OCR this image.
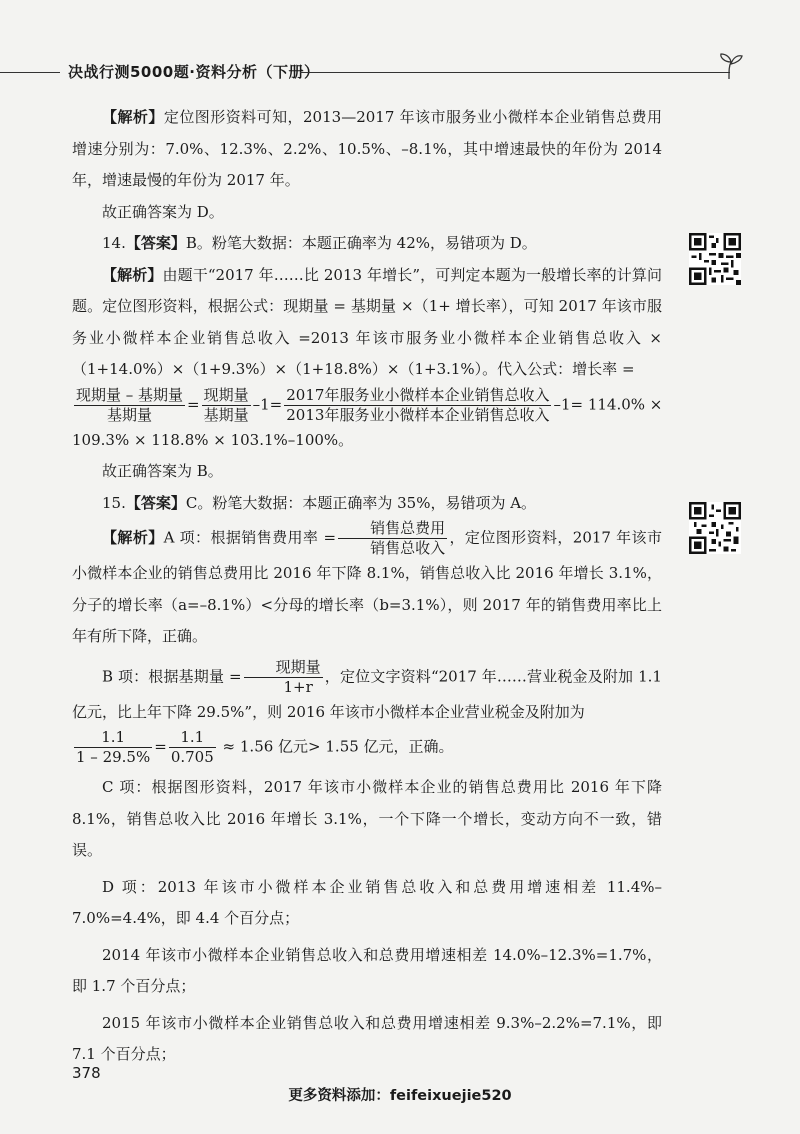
决战行测5000题·资料分析（下册）

【解析】定位图形资料可知，2013—2017 年该市服务业小微样本企业销售总费用增速分别为：7.0%、12.3%、2.2%、10.5%、–8.1%，其中增速最快的年份为 2014 年，增速最慢的年份为 2017 年。

故正确答案为 D。

14.【答案】B。粉笔大数据：本题正确率为 42%，易错项为 D。

【解析】由题干“2017 年……比 2013 年增长”，可判定本题为一般增长率的计算问题。定位图形资料，根据公式：现期量 = 基期量 ×（1+ 增长率），可知 2017 年该市服务业小微样本企业销售总收入 =2013 年该市服务业小微样本企业销售总收入 ×（1+14.0%）×（1+9.3%）×（1+18.8%）×（1+3.1%）。代入公式：增长率 =

$\frac{\text{现期量 – 基期量}}{\text{基期量}} = \frac{\text{现期量}}{\text{基期量}} -1= \frac{\text{2017年服务业小微样本企业销售总收入}}{\text{2013年服务业小微样本企业销售总收入}} -1= 114.0\%$ ×

109.3% × 118.8% × 103.1%–100%。

故正确答案为 B。

15.【答案】C。粉笔大数据：本题正确率为 35%，易错项为 A。

【解析】A 项：根据销售费用率 = $\frac{\text{销售总费用}}{\text{销售总收入}}$ ，定位图形资料，2017 年该市小微样本企业的销售总费用比 2016 年下降 8.1%，销售总收入比 2016 年增长 3.1%，分子的增长率（a=–8.1%）<分母的增长率（b=3.1%），则 2017 年的销售费用率比上年有所下降，正确。

B 项：根据基期量 = $\frac{\text{现期量}}{1+r}$ ，定位文字资料“2017 年……营业税金及附加 1.1 亿元，比上年下降 29.5%”，则 2016 年该市小微样本企业营业税金及附加为

$\frac{1.1}{1 - 29.5\%} = \frac{1.1}{0.705} \approx 1.56$ 亿元> 1.55 亿元，正确。

C 项：根据图形资料，2017 年该市小微样本企业的销售总费用比 2016 年下降 8.1%，销售总收入比 2016 年增长 3.1%，一个下降一个增长，变动方向不一致，错误。

D 项：2013 年该市小微样本企业销售总收入和总费用增速相差 11.4%–7.0%=4.4%，即 4.4 个百分点；

2014 年该市小微样本企业销售总收入和总费用增速相差 14.0%–12.3%=1.7%，即 1.7 个百分点；

2015 年该市小微样本企业销售总收入和总费用增速相差 9.3%–2.2%=7.1%，即 7.1 个百分点；

378
更多资料添加：feifeixuejie520
